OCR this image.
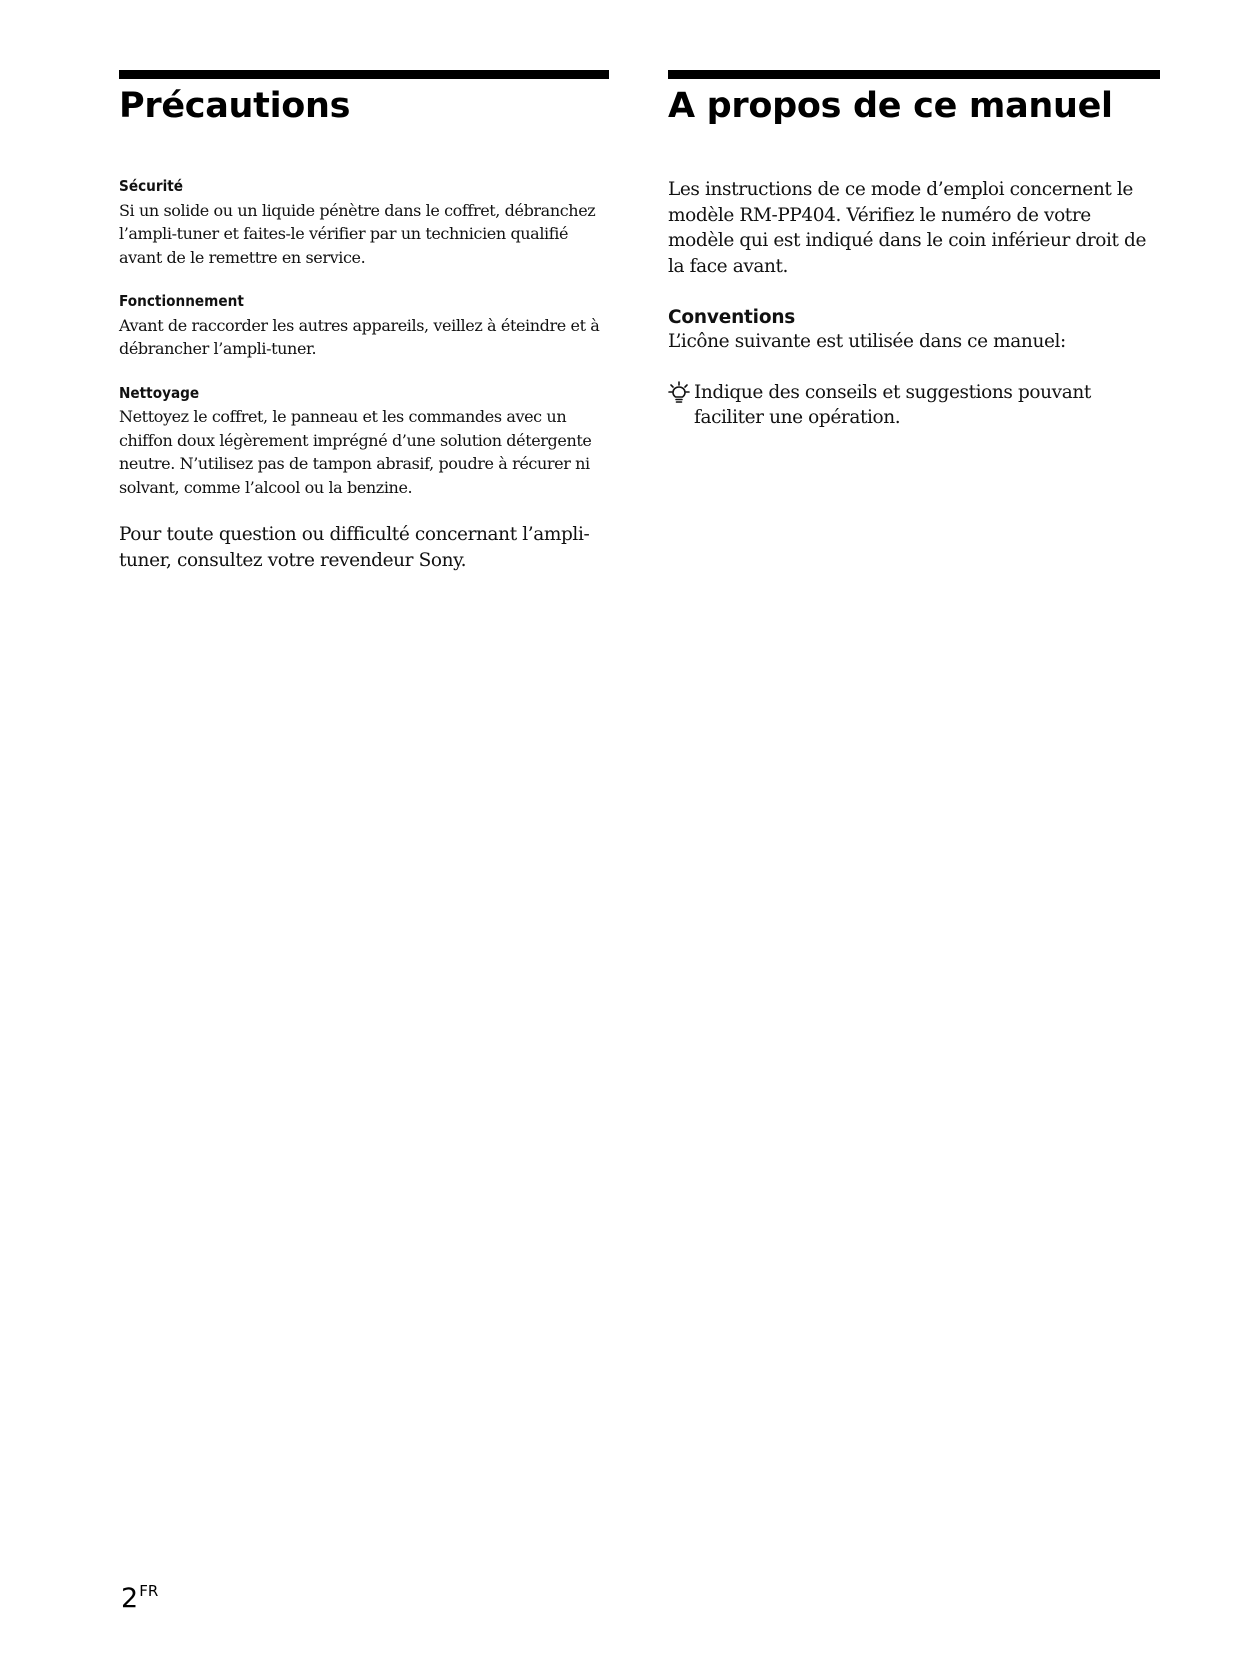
Précautions

Sécurité

Si un solide ou un liquide pénètre dans le coffret, débranchez l’ampli-tuner et faites-le vérifier par un technicien qualifié avant de le remettre en service.

Fonctionnement

Avant de raccorder les autres appareils, veillez à éteindre et à débrancher l’ampli-tuner.

Nettoyage

Nettoyez le coffret, le panneau et les commandes avec un chiffon doux légèrement imprégné d’une solution détergente neutre. N’utilisez pas de tampon abrasif, poudre à récurer ni solvant, comme l’alcool ou la benzine.

Pour toute question ou difficulté concernant l’ampli-tuner, consultez votre revendeur Sony.

A propos de ce manuel

Les instructions de ce mode d’emploi concernent le modèle RM-PP404. Vérifiez le numéro de votre modèle qui est indiqué dans le coin inférieur droit de la face avant.

Conventions

L’icône suivante est utilisée dans ce manuel:

Indique des conseils et suggestions pouvant faciliter une opération.

$2^{FR}$
